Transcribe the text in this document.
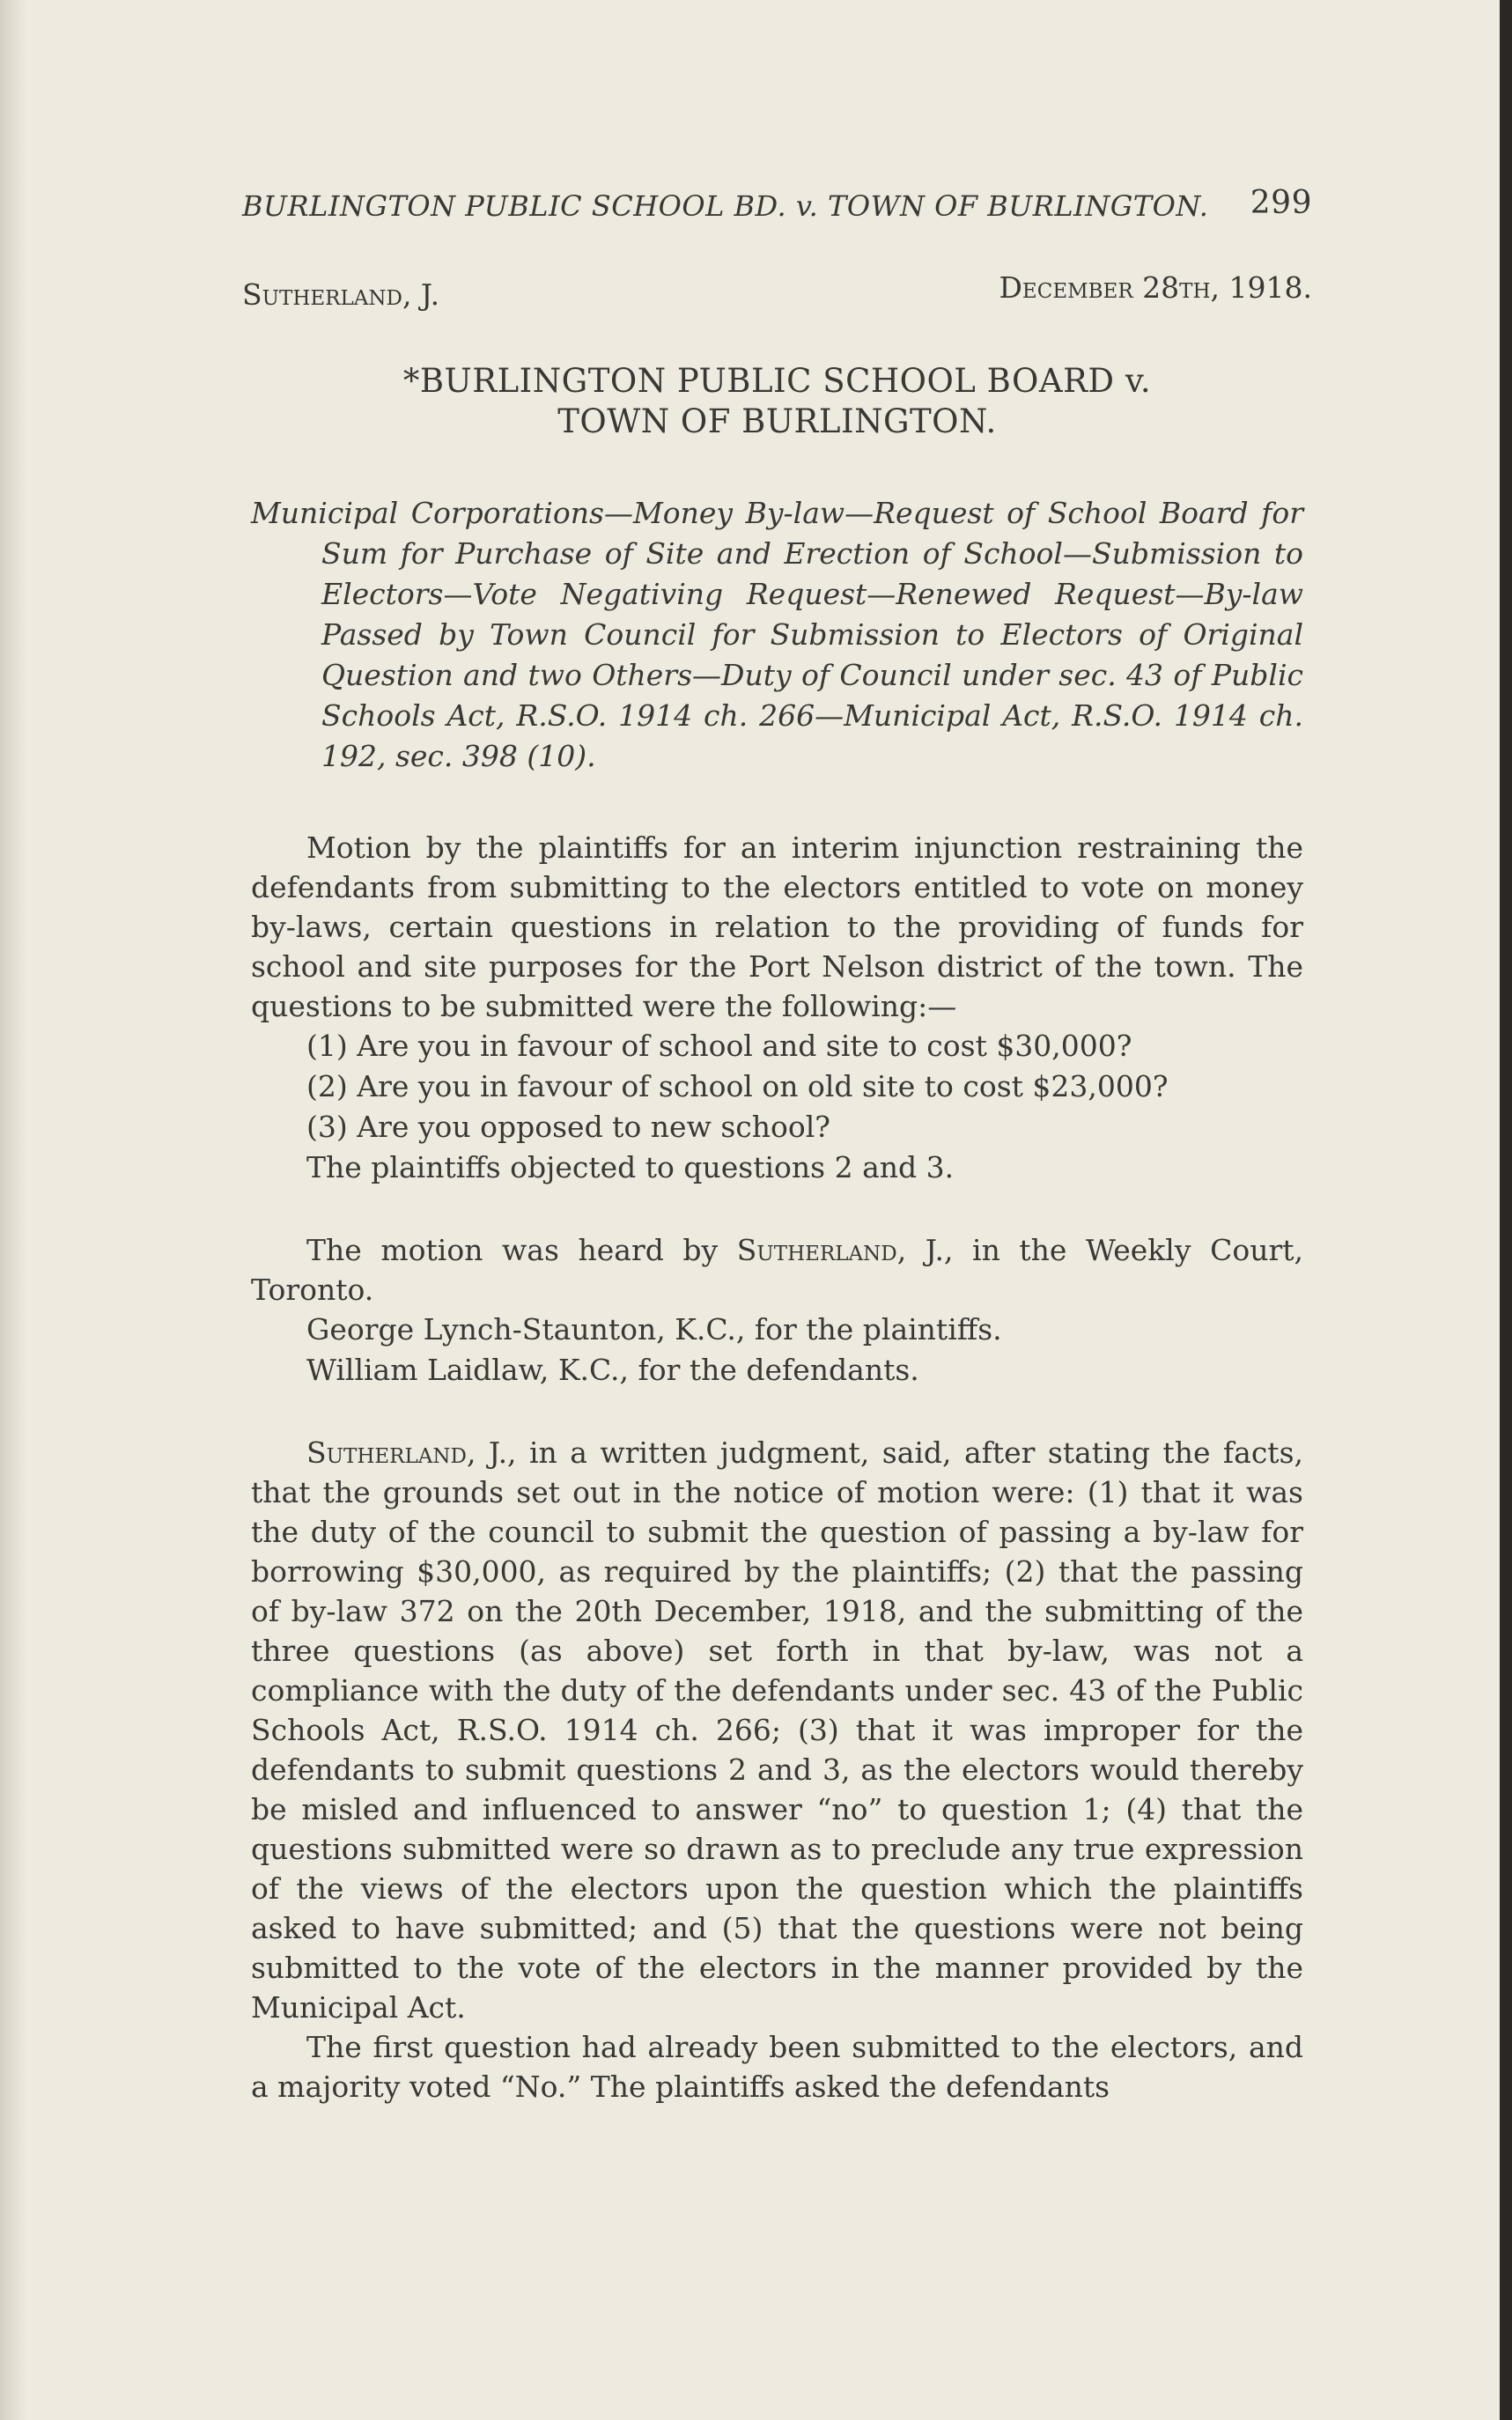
BURLINGTON PUBLIC SCHOOL BD. v. TOWN OF BURLINGTON. 299
Sutherland, J.	December 28th, 1918.
*BURLINGTON PUBLIC SCHOOL BOARD v.
TOWN OF BURLINGTON.
Municipal Corporations—Money By-law—Request of School Board for Sum for Purchase of Site and Erection of School—Submission to Electors—Vote Negativing Request—Renewed Request—By-law Passed by Town Council for Submission to Electors of Original Question and two Others—Duty of Council under sec. 43 of Public Schools Act, R.S.O. 1914 ch. 266—Municipal Act, R.S.O. 1914 ch. 192, sec. 398 (10).

Motion by the plaintiffs for an interim injunction restraining the defendants from submitting to the electors entitled to vote on money by-laws, certain questions in relation to the providing of funds for school and site purposes for the Port Nelson district of the town. The questions to be submitted were the following:—

(1) Are you in favour of school and site to cost $30,000?
(2) Are you in favour of school on old site to cost $23,000?
(3) Are you opposed to new school?
The plaintiffs objected to questions 2 and 3.

The motion was heard by Sutherland, J., in the Weekly Court, Toronto.

George Lynch-Staunton, K.C., for the plaintiffs.
William Laidlaw, K.C., for the defendants.

Sutherland, J., in a written judgment, said, after stating the facts, that the grounds set out in the notice of motion were: (1) that it was the duty of the council to submit the question of passing a by-law for borrowing $30,000, as required by the plaintiffs; (2) that the passing of by-law 372 on the 20th December, 1918, and the submitting of the three questions (as above) set forth in that by-law, was not a compliance with the duty of the defendants under sec. 43 of the Public Schools Act, R.S.O. 1914 ch. 266; (3) that it was improper for the defendants to submit questions 2 and 3, as the electors would thereby be misled and influenced to answer “no” to question 1; (4) that the questions submitted were so drawn as to preclude any true expression of the views of the electors upon the question which the plaintiffs asked to have submitted; and (5) that the questions were not being submitted to the vote of the electors in the manner provided by the Municipal Act.

The first question had already been submitted to the electors, and a majority voted “No.” The plaintiffs asked the defendants
